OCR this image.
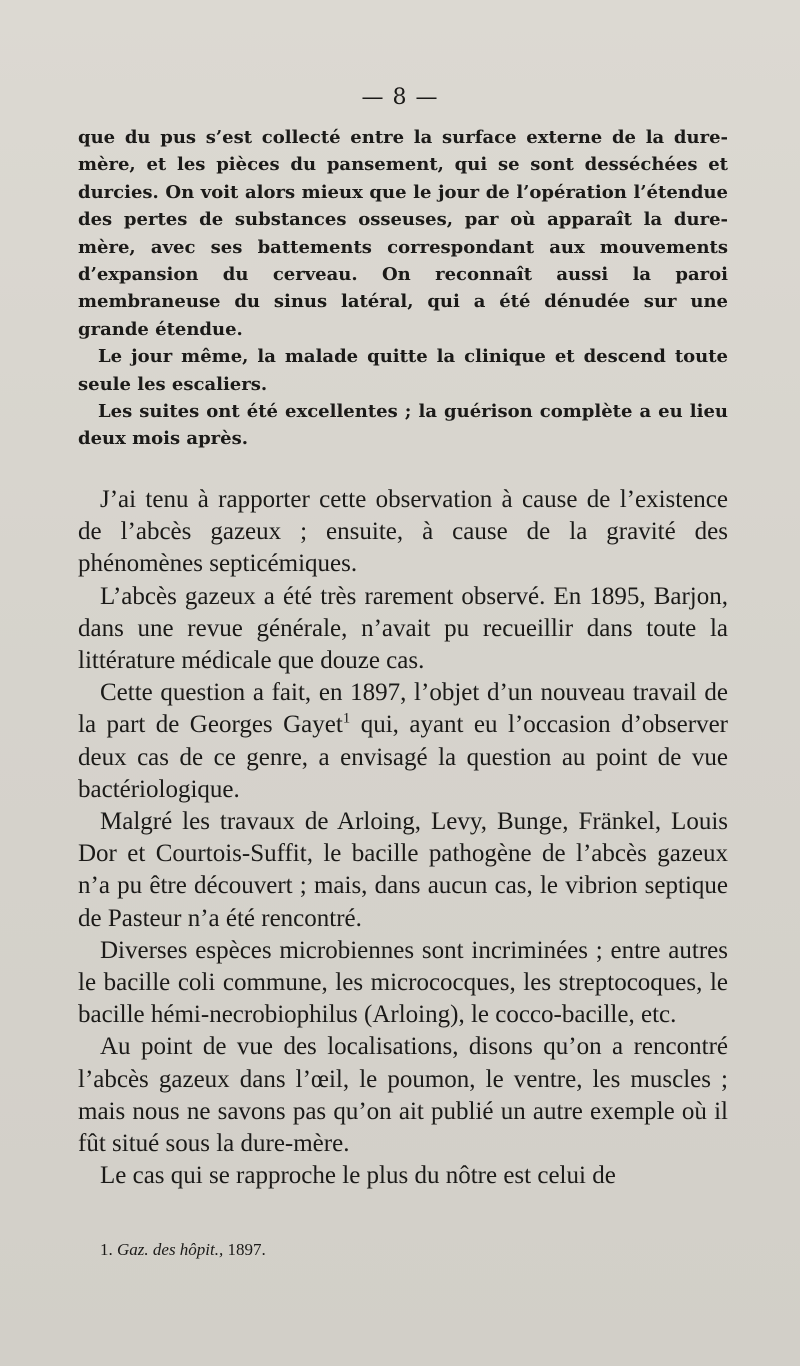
— 8 —

que du pus s’est collecté entre la surface externe de la dure-mère, et les pièces du pansement, qui se sont desséchées et durcies. On voit alors mieux que le jour de l’opération l’étendue des pertes de substances osseuses, par où apparaît la dure-mère, avec ses battements correspondant aux mouvements d’expansion du cerveau. On reconnaît aussi la paroi membraneuse du sinus latéral, qui a été dénudée sur une grande étendue.

Le jour même, la malade quitte la clinique et descend toute seule les escaliers.

Les suites ont été excellentes ; la guérison complète a eu lieu deux mois après.

J’ai tenu à rapporter cette observation à cause de l’existence de l’abcès gazeux ; ensuite, à cause de la gravité des phénomènes septicémiques.

L’abcès gazeux a été très rarement observé. En 1895, Barjon, dans une revue générale, n’avait pu recueillir dans toute la littérature médicale que douze cas.

Cette question a fait, en 1897, l’objet d’un nouveau travail de la part de Georges Gayet$^1$ qui, ayant eu l’occasion d’observer deux cas de ce genre, a envisagé la question au point de vue bactériologique.

Malgré les travaux de Arloing, Levy, Bunge, Fränkel, Louis Dor et Courtois-Suffit, le bacille pathogène de l’abcès gazeux n’a pu être découvert ; mais, dans aucun cas, le vibrion septique de Pasteur n’a été rencontré.

Diverses espèces microbiennes sont incriminées ; entre autres le bacille coli commune, les micrococques, les streptocoques, le bacille hémi-necrobiophilus (Arloing), le cocco-bacille, etc.

Au point de vue des localisations, disons qu’on a rencontré l’abcès gazeux dans l’œil, le poumon, le ventre, les muscles ; mais nous ne savons pas qu’on ait publié un autre exemple où il fût situé sous la dure-mère.

Le cas qui se rapproche le plus du nôtre est celui de

1. Gaz. des hôpit., 1897.
